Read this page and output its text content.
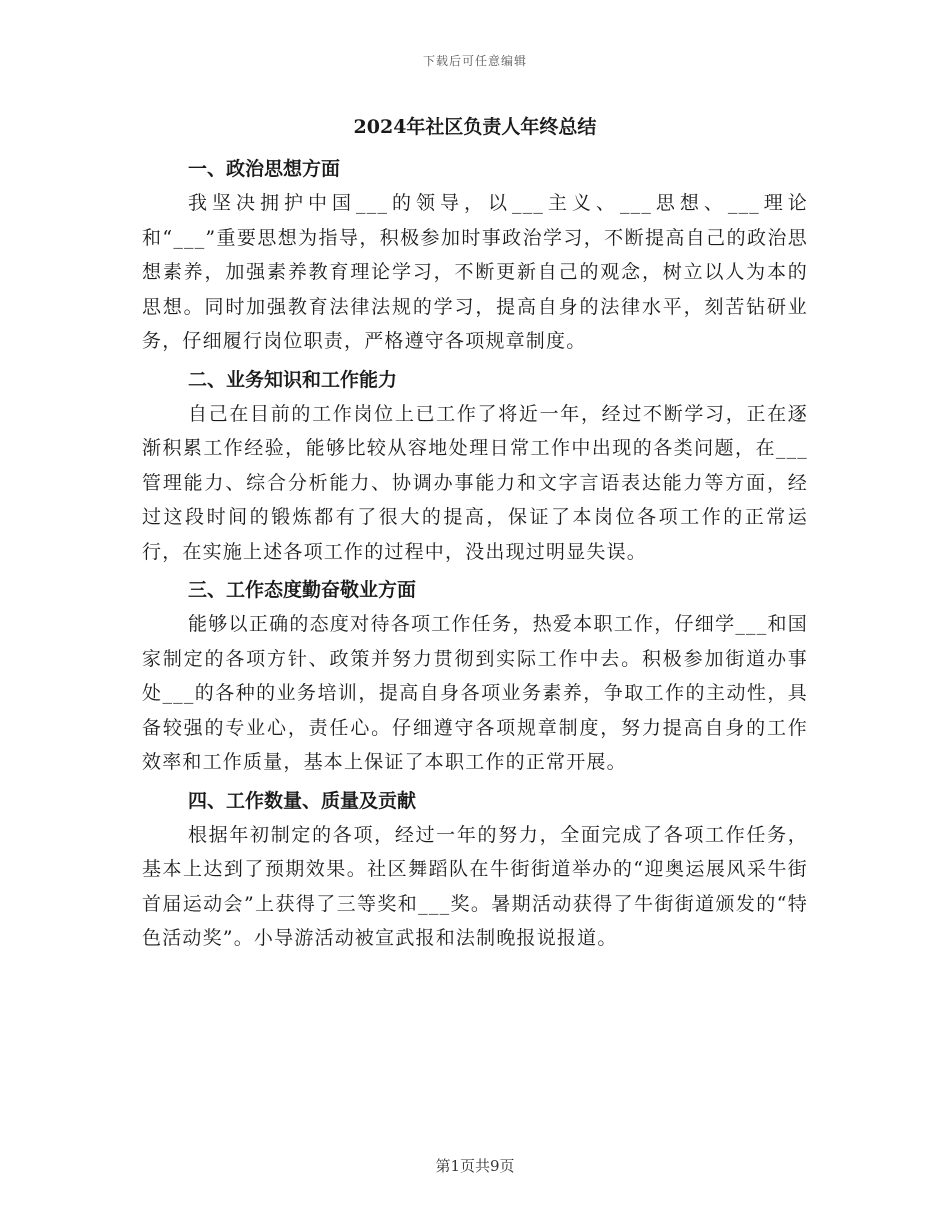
下载后可任意编辑
2024年社区负责人年终总结
一、政治思想方面

我坚决拥护中国___的领导，以___主义、___思想、___理论和“___”重要思想为指导，积极参加时事政治学习，不断提高自己的政治思想素养，加强素养教育理论学习，不断更新自己的观念，树立以人为本的思想。同时加强教育法律法规的学习，提高自身的法律水平，刻苦钻研业务，仔细履行岗位职责，严格遵守各项规章制度。

二、业务知识和工作能力

自己在目前的工作岗位上已工作了将近一年，经过不断学习，正在逐渐积累工作经验，能够比较从容地处理日常工作中出现的各类问题，在___管理能力、综合分析能力、协调办事能力和文字言语表达能力等方面，经过这段时间的锻炼都有了很大的提高，保证了本岗位各项工作的正常运行，在实施上述各项工作的过程中，没出现过明显失误。

三、工作态度勤奋敬业方面

能够以正确的态度对待各项工作任务，热爱本职工作，仔细学___和国家制定的各项方针、政策并努力贯彻到实际工作中去。积极参加街道办事处___的各种的业务培训，提高自身各项业务素养，争取工作的主动性，具备较强的专业心，责任心。仔细遵守各项规章制度，努力提高自身的工作效率和工作质量，基本上保证了本职工作的正常开展。

四、工作数量、质量及贡献

根据年初制定的各项，经过一年的努力，全面完成了各项工作任务，基本上达到了预期效果。社区舞蹈队在牛街街道举办的“迎奥运展风采牛街首届运动会”上获得了三等奖和___奖。暑期活动获得了牛街街道颁发的“特色活动奖”。小导游活动被宣武报和法制晚报说报道。

第1页共9页
